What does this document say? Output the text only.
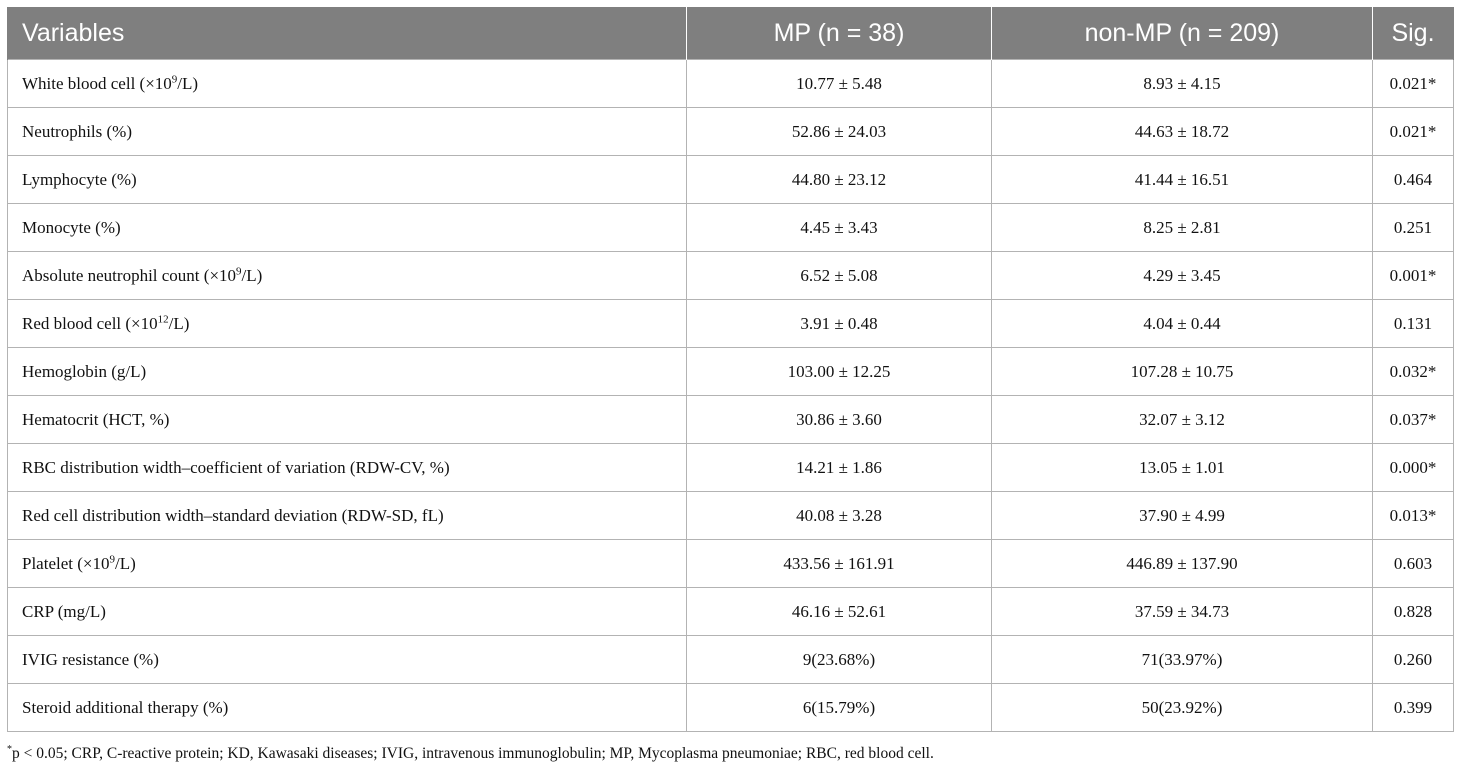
Variables	MP (n = 38)	non-MP (n = 209)	Sig.
White blood cell $(\times 10^9/L)$	10.77 ± 5.48	8.93 ± 4.15	0.021*
Neutrophils (%)	52.86 ± 24.03	44.63 ± 18.72	0.021*
Lymphocyte (%)	44.80 ± 23.12	41.44 ± 16.51	0.464
Monocyte (%)	4.45 ± 3.43	8.25 ± 2.81	0.251
Absolute neutrophil count $(\times 10^9/L)$	6.52 ± 5.08	4.29 ± 3.45	0.001*
Red blood cell $(\times 10^{12}/L)$	3.91 ± 0.48	4.04 ± 0.44	0.131
Hemoglobin (g/L)	103.00 ± 12.25	107.28 ± 10.75	0.032*
Hematocrit (HCT, %)	30.86 ± 3.60	32.07 ± 3.12	0.037*
RBC distribution width–coefficient of variation (RDW-CV, %)	14.21 ± 1.86	13.05 ± 1.01	0.000*
Red cell distribution width–standard deviation (RDW-SD, fL)	40.08 ± 3.28	37.90 ± 4.99	0.013*
Platelet $(\times 10^9/L)$	433.56 ± 161.91	446.89 ± 137.90	0.603
CRP (mg/L)	46.16 ± 52.61	37.59 ± 34.73	0.828
IVIG resistance (%)	9(23.68%)	71(33.97%)	0.260
Steroid additional therapy (%)	6(15.79%)	50(23.92%)	0.399
*p < 0.05; CRP, C-reactive protein; KD, Kawasaki diseases; IVIG, intravenous immunoglobulin; MP, Mycoplasma pneumoniae; RBC, red blood cell.
